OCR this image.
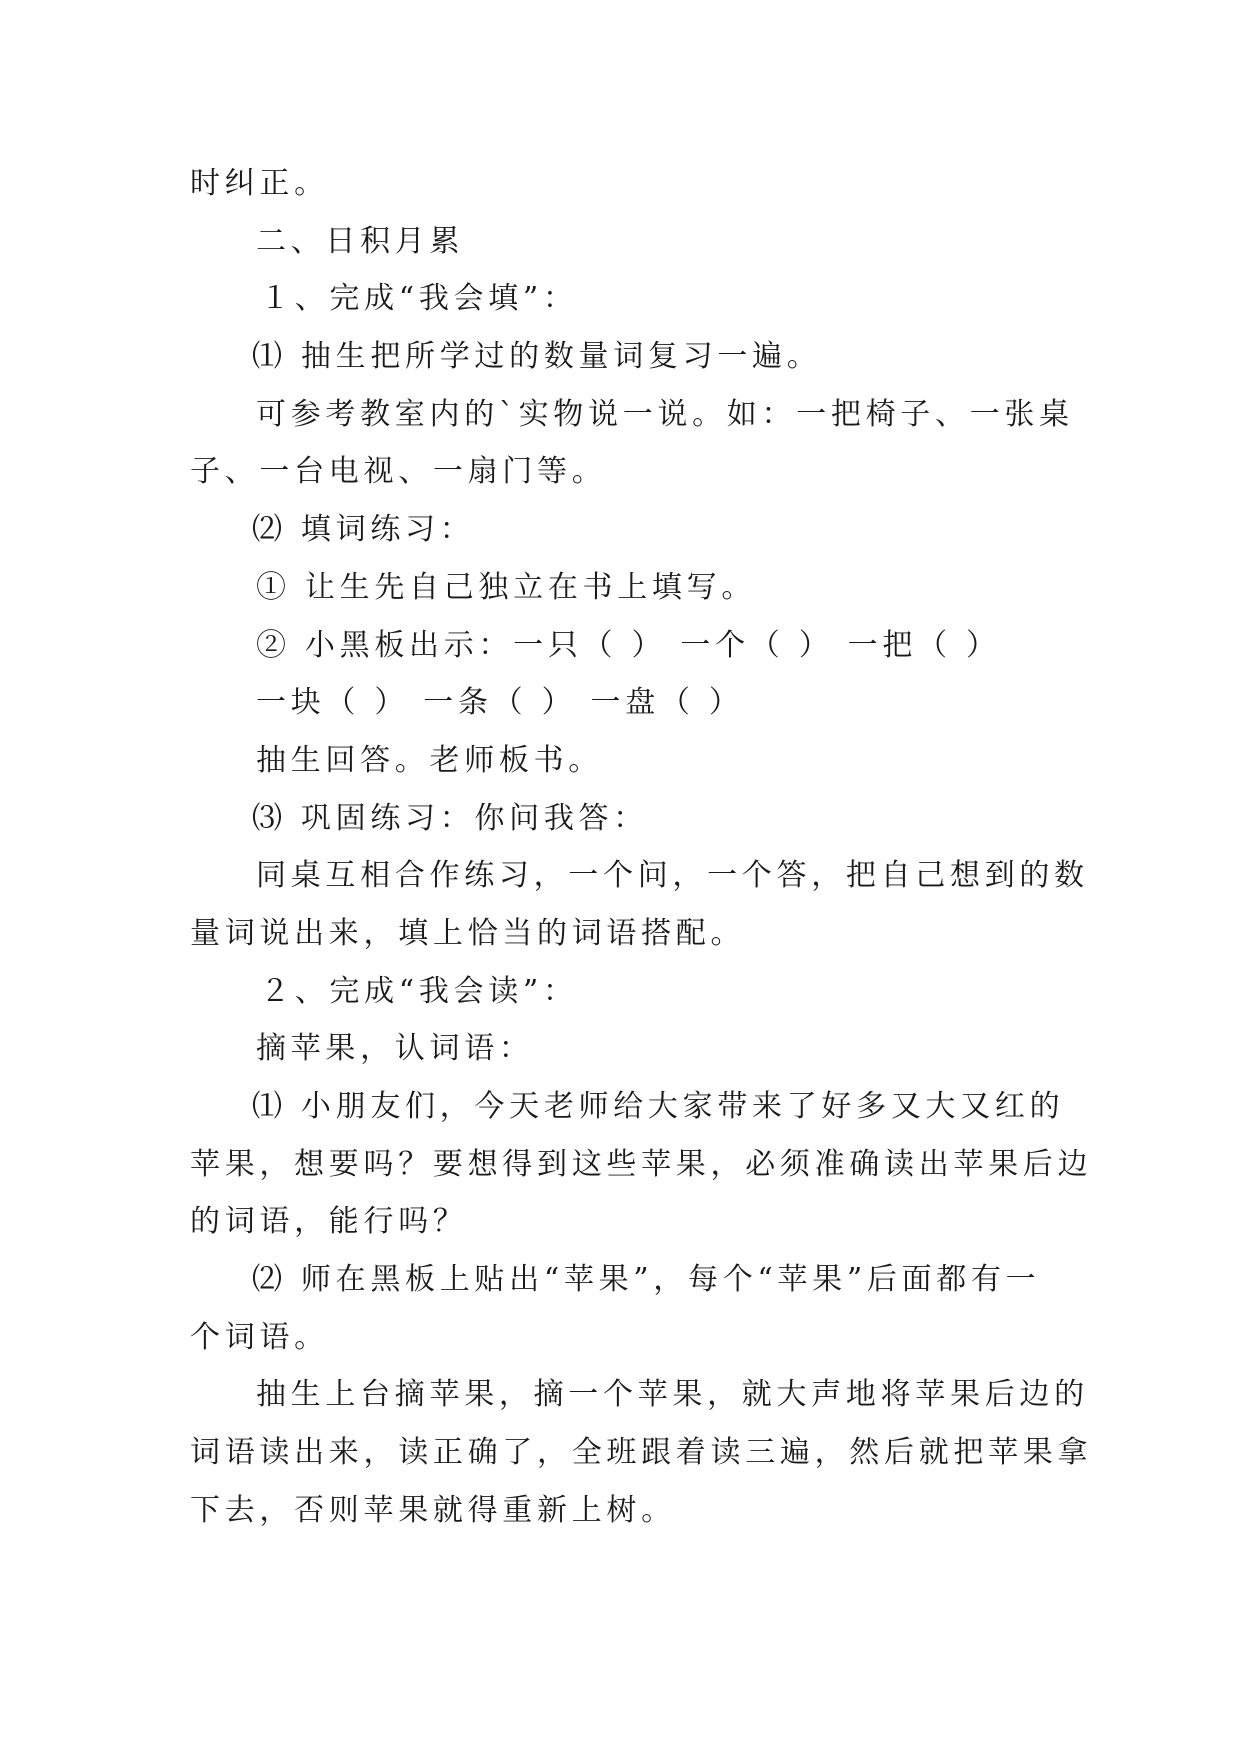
时纠正。
二、日积月累
１、完成“我会填”：
⑴ 抽生把所学过的数量词复习一遍。
可参考教室内的`实物说一说。如：一把椅子、一张桌
子、一台电视、一扇门等。
⑵ 填词练习：
① 让生先自己独立在书上填写。
② 小黑板出示：一只（ ） 一个（ ） 一把（ ）
一块（ ） 一条（ ） 一盘（ ）
抽生回答。老师板书。
⑶ 巩固练习：你问我答：
同桌互相合作练习，一个问，一个答，把自己想到的数
量词说出来，填上恰当的词语搭配。
２、完成“我会读”：
摘苹果，认词语：
⑴ 小朋友们，今天老师给大家带来了好多又大又红的
苹果，想要吗？要想得到这些苹果，必须准确读出苹果后边
的词语，能行吗？
⑵ 师在黑板上贴出“苹果”，每个“苹果”后面都有一
个词语。
抽生上台摘苹果，摘一个苹果，就大声地将苹果后边的
词语读出来，读正确了，全班跟着读三遍，然后就把苹果拿
下去，否则苹果就得重新上树。
